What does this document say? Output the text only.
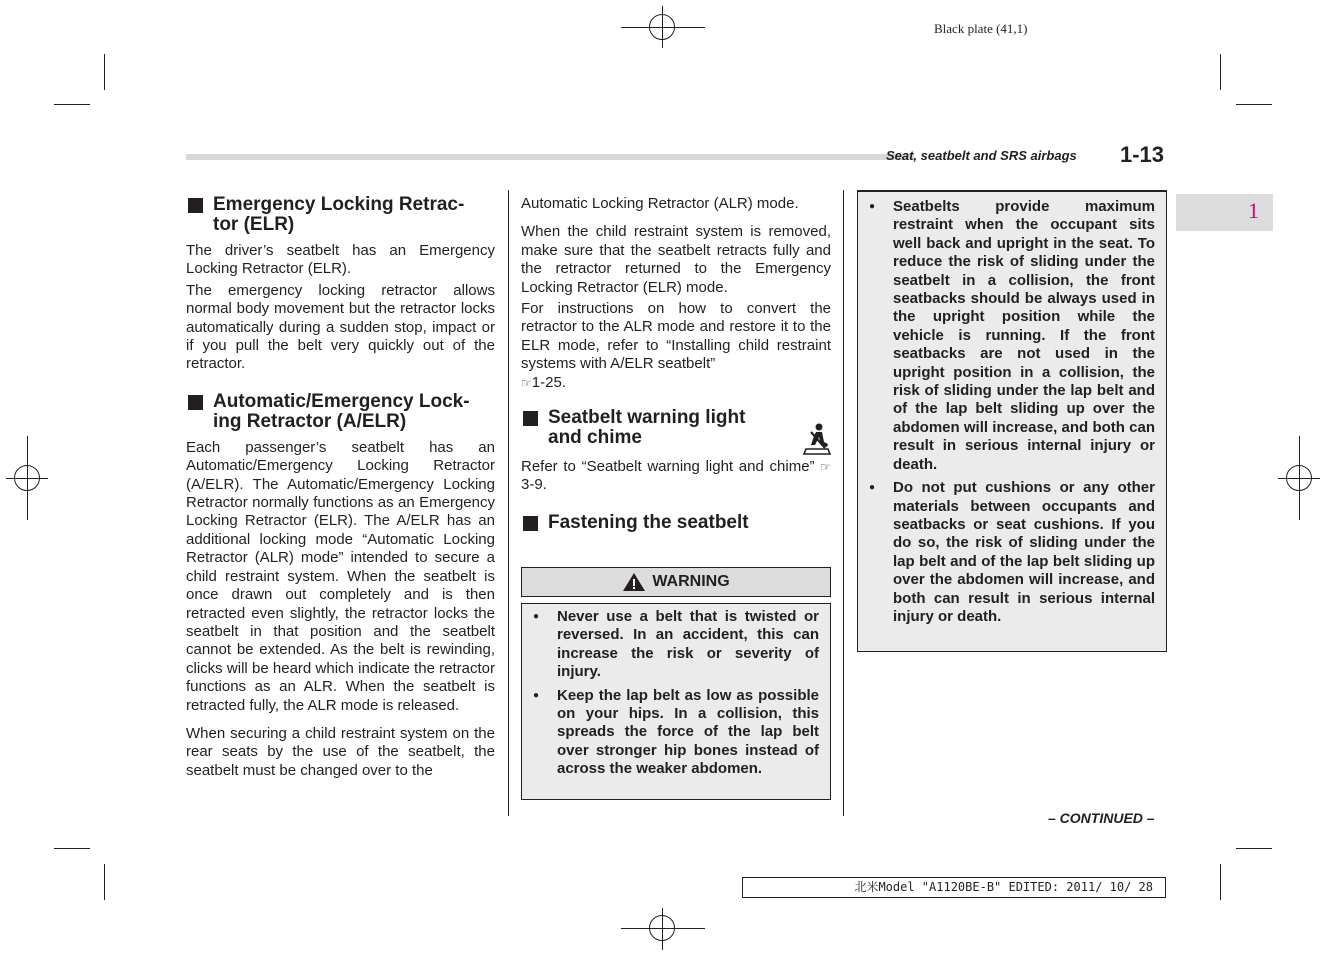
Black plate (41,1)
Seat, seatbelt and SRS airbags 1-13
1
Emergency Locking Retrac-
tor (ELR)

The driver’s seatbelt has an Emergency Locking Retractor (ELR).

The emergency locking retractor allows normal body movement but the retractor locks automatically during a sudden stop, impact or if you pull the belt very quickly out of the retractor.

Automatic/Emergency Lock-
ing Retractor (A/ELR)

Each passenger’s seatbelt has an Automatic/Emergency Locking Retractor (A/ELR). The Automatic/Emergency Locking Retractor normally functions as an Emergency Locking Retractor (ELR). The A/ELR has an additional locking mode “Automatic Locking Retractor (ALR) mode” intended to secure a child restraint system. When the seatbelt is once drawn out completely and is then retracted even slightly, the retractor locks the seatbelt in that position and the seatbelt cannot be extended. As the belt is rewinding, clicks will be heard which indicate the retractor functions as an ALR. When the seatbelt is retracted fully, the ALR mode is released.

When securing a child restraint system on the rear seats by the use of the seatbelt, the seatbelt must be changed over to the

Automatic Locking Retractor (ALR) mode.

When the child restraint system is removed, make sure that the seatbelt retracts fully and the retractor returned to the Emergency Locking Retractor (ELR) mode.

For instructions on how to convert the retractor to the ALR mode and restore it to the ELR mode, refer to “Installing child restraint systems with A/ELR seatbelt”
☞1-25.

Seatbelt warning light
and chime

Refer to “Seatbelt warning light and chime” ☞3-9.

Fastening the seatbelt
WARNING
● Never use a belt that is twisted or reversed. In an accident, this can increase the risk or severity of injury.
● Keep the lap belt as low as possible on your hips. In a collision, this spreads the force of the lap belt over stronger hip bones instead of across the weaker abdomen.
● Seatbelts provide maximum restraint when the occupant sits well back and upright in the seat. To reduce the risk of sliding under the seatbelt in a collision, the front seatbacks should be always used in the upright position while the vehicle is running. If the front seatbacks are not used in the upright position in a collision, the risk of sliding under the lap belt and of the lap belt sliding up over the abdomen will increase, and both can result in serious internal injury or death.
● Do not put cushions or any other materials between occupants and seatbacks or seat cushions. If you do so, the risk of sliding under the lap belt and of the lap belt sliding up over the abdomen will increase, and both can result in serious internal injury or death.
– CONTINUED –
北米Model "A1120BE-B" EDITED: 2011/ 10/ 28
